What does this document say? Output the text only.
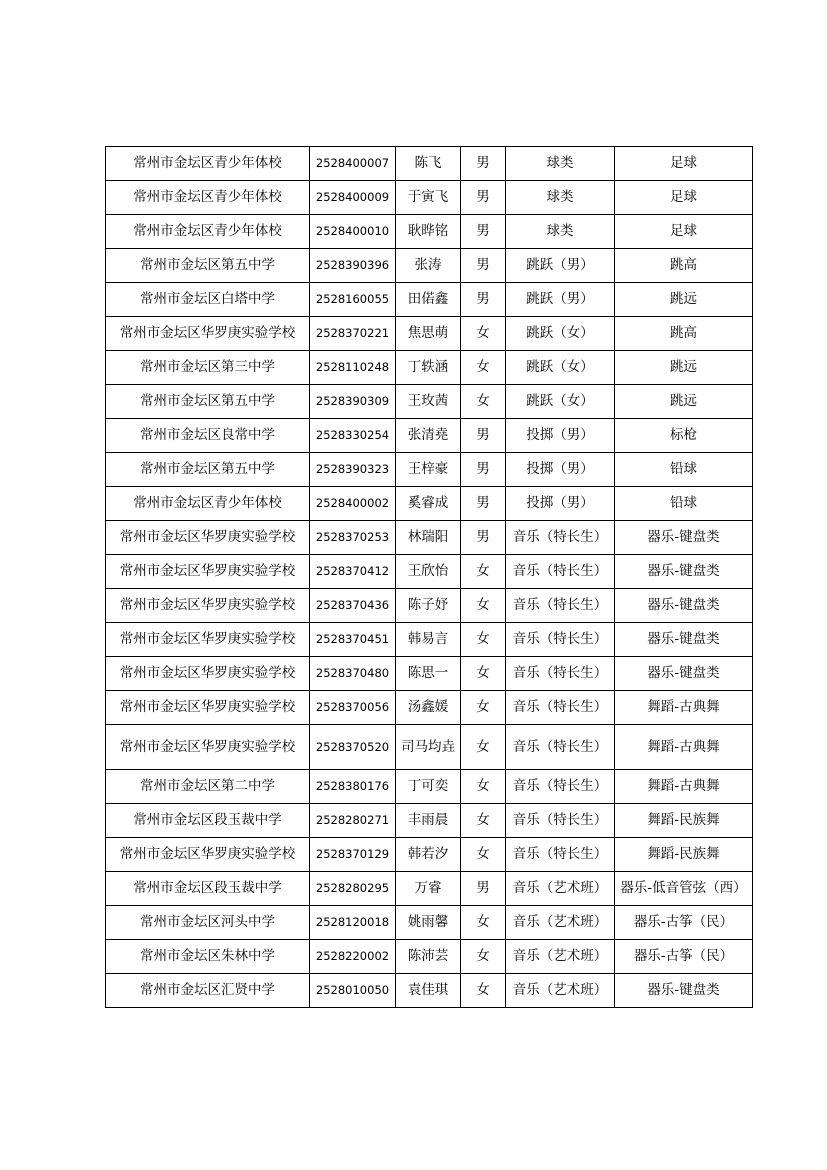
常州市金坛区青少年体校	2528400007	陈飞	男	球类	足球
常州市金坛区青少年体校	2528400009	于寅飞	男	球类	足球
常州市金坛区青少年体校	2528400010	耿晔铭	男	球类	足球
常州市金坛区第五中学	2528390396	张涛	男	跳跃（男）	跳高
常州市金坛区白塔中学	2528160055	田偌鑫	男	跳跃（男）	跳远
常州市金坛区华罗庚实验学校	2528370221	焦思萌	女	跳跃（女）	跳高
常州市金坛区第三中学	2528110248	丁轶涵	女	跳跃（女）	跳远
常州市金坛区第五中学	2528390309	王玫茜	女	跳跃（女）	跳远
常州市金坛区良常中学	2528330254	张清堯	男	投掷（男）	标枪
常州市金坛区第五中学	2528390323	王梓豪	男	投掷（男）	铅球
常州市金坛区青少年体校	2528400002	奚睿成	男	投掷（男）	铅球
常州市金坛区华罗庚实验学校	2528370253	林瑞阳	男	音乐（特长生）	器乐-键盘类
常州市金坛区华罗庚实验学校	2528370412	王欣怡	女	音乐（特长生）	器乐-键盘类
常州市金坛区华罗庚实验学校	2528370436	陈子妤	女	音乐（特长生）	器乐-键盘类
常州市金坛区华罗庚实验学校	2528370451	韩易言	女	音乐（特长生）	器乐-键盘类
常州市金坛区华罗庚实验学校	2528370480	陈思一	女	音乐（特长生）	器乐-键盘类
常州市金坛区华罗庚实验学校	2528370056	汤鑫媛	女	音乐（特长生）	舞蹈-古典舞
常州市金坛区华罗庚实验学校	2528370520	司马均垚	女	音乐（特长生）	舞蹈-古典舞
常州市金坛区第二中学	2528380176	丁可奕	女	音乐（特长生）	舞蹈-古典舞
常州市金坛区段玉裁中学	2528280271	丰雨晨	女	音乐（特长生）	舞蹈-民族舞
常州市金坛区华罗庚实验学校	2528370129	韩若汐	女	音乐（特长生）	舞蹈-民族舞
常州市金坛区段玉裁中学	2528280295	万睿	男	音乐（艺术班）	器乐-低音管弦（西）
常州市金坛区河头中学	2528120018	姚雨馨	女	音乐（艺术班）	器乐-古筝（民）
常州市金坛区朱林中学	2528220002	陈沛芸	女	音乐（艺术班）	器乐-古筝（民）
常州市金坛区汇贤中学	2528010050	袁佳琪	女	音乐（艺术班）	器乐-键盘类
